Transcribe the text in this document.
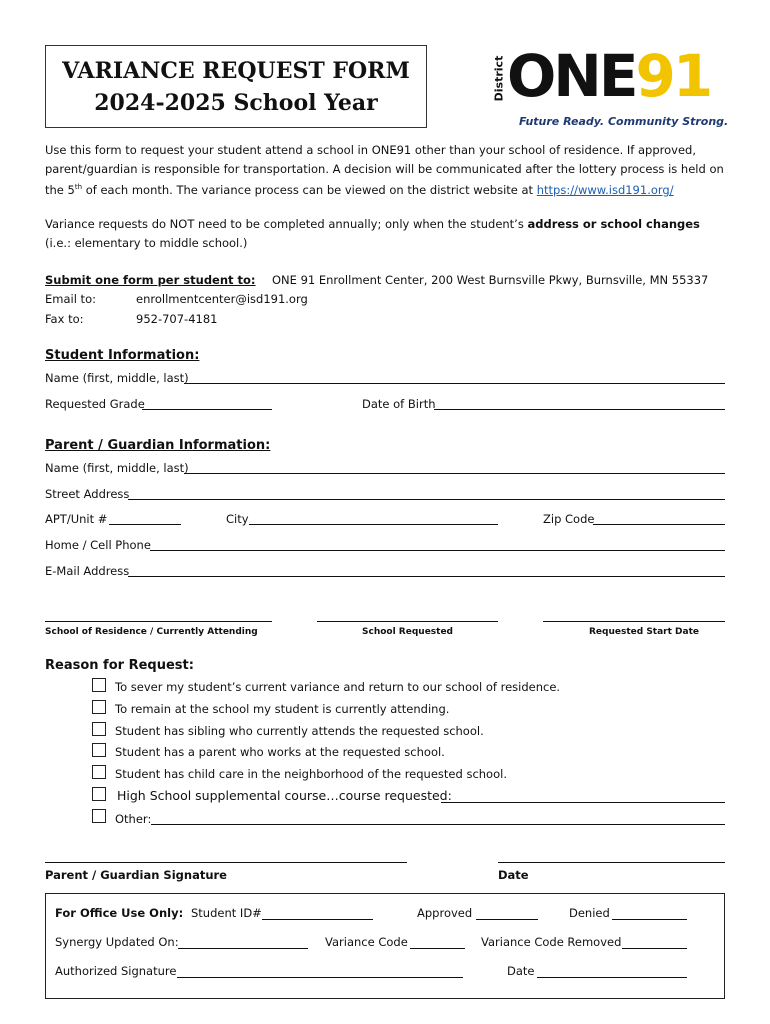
VARIANCE REQUEST FORM
2024-2025 School Year
District ONE91
Future Ready. Community Strong.
Use this form to request your student attend a school in ONE91 other than your school of residence. If approved, parent/guardian is responsible for transportation. A decision will be communicated after the lottery process is held on the 5th of each month. The variance process can be viewed on the district website at https://www.isd191.org/
Variance requests do NOT need to be completed annually; only when the student’s address or school changes (i.e.: elementary to middle school.)
Submit one form per student to: ONE 91 Enrollment Center, 200 West Burnsville Pkwy, Burnsville, MN 55337
Email to:	enrollmentcenter@isd191.org
Fax to:	952-707-4181
Student Information:
Name (first, middle, last)
Requested Grade	Date of Birth
Parent / Guardian Information:
Name (first, middle, last)
Street Address
APT/Unit #	City	Zip Code
Home / Cell Phone
E-Mail Address
School of Residence / Currently Attending	School Requested	Requested Start Date
Reason for Request:
To sever my student’s current variance and return to our school of residence.
To remain at the school my student is currently attending.
Student has sibling who currently attends the requested school.
Student has a parent who works at the requested school.
Student has child care in the neighborhood of the requested school.
High School supplemental course…course requested:
Other:
Parent / Guardian Signature	Date
For Office Use Only: Student ID#	Approved	Denied
Synergy Updated On:	Variance Code	Variance Code Removed
Authorized Signature	Date
